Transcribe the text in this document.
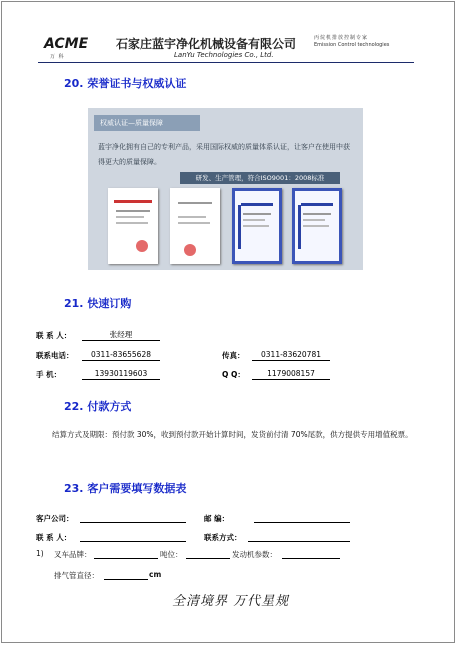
ACME
万 科
石家庄蓝宇净化机械设备有限公司
LanYu Technologies Co., Ltd.
丙烷机排放控制专家
Emission Control technologies
20. 荣誉证书与权威认证
权威认证—质量保障
蓝宇净化拥有自己的专利产品，采用国际权威的质量体系认证，让客户在使用中获得更大的质量保障。
研发、生产管理，符合ISO9001：2008标准
21. 快速订购
联 系 人：	张经理
联系电话：	0311-83655628	传真：	0311-83620781
手 机：	13930119603	Q Q：	1179008157
22. 付款方式
结算方式及期限：预付款 30%，收到预付款开始计算时间，发货前付清 70%尾款，供方提供专用增值税票。
23. 客户需要填写数据表
客户公司：	邮 编：
联 系 人：	联系方式：
1) 叉车品牌：	吨位：	发动机参数：
排气管直径：	cm
全清境界 万代星规
